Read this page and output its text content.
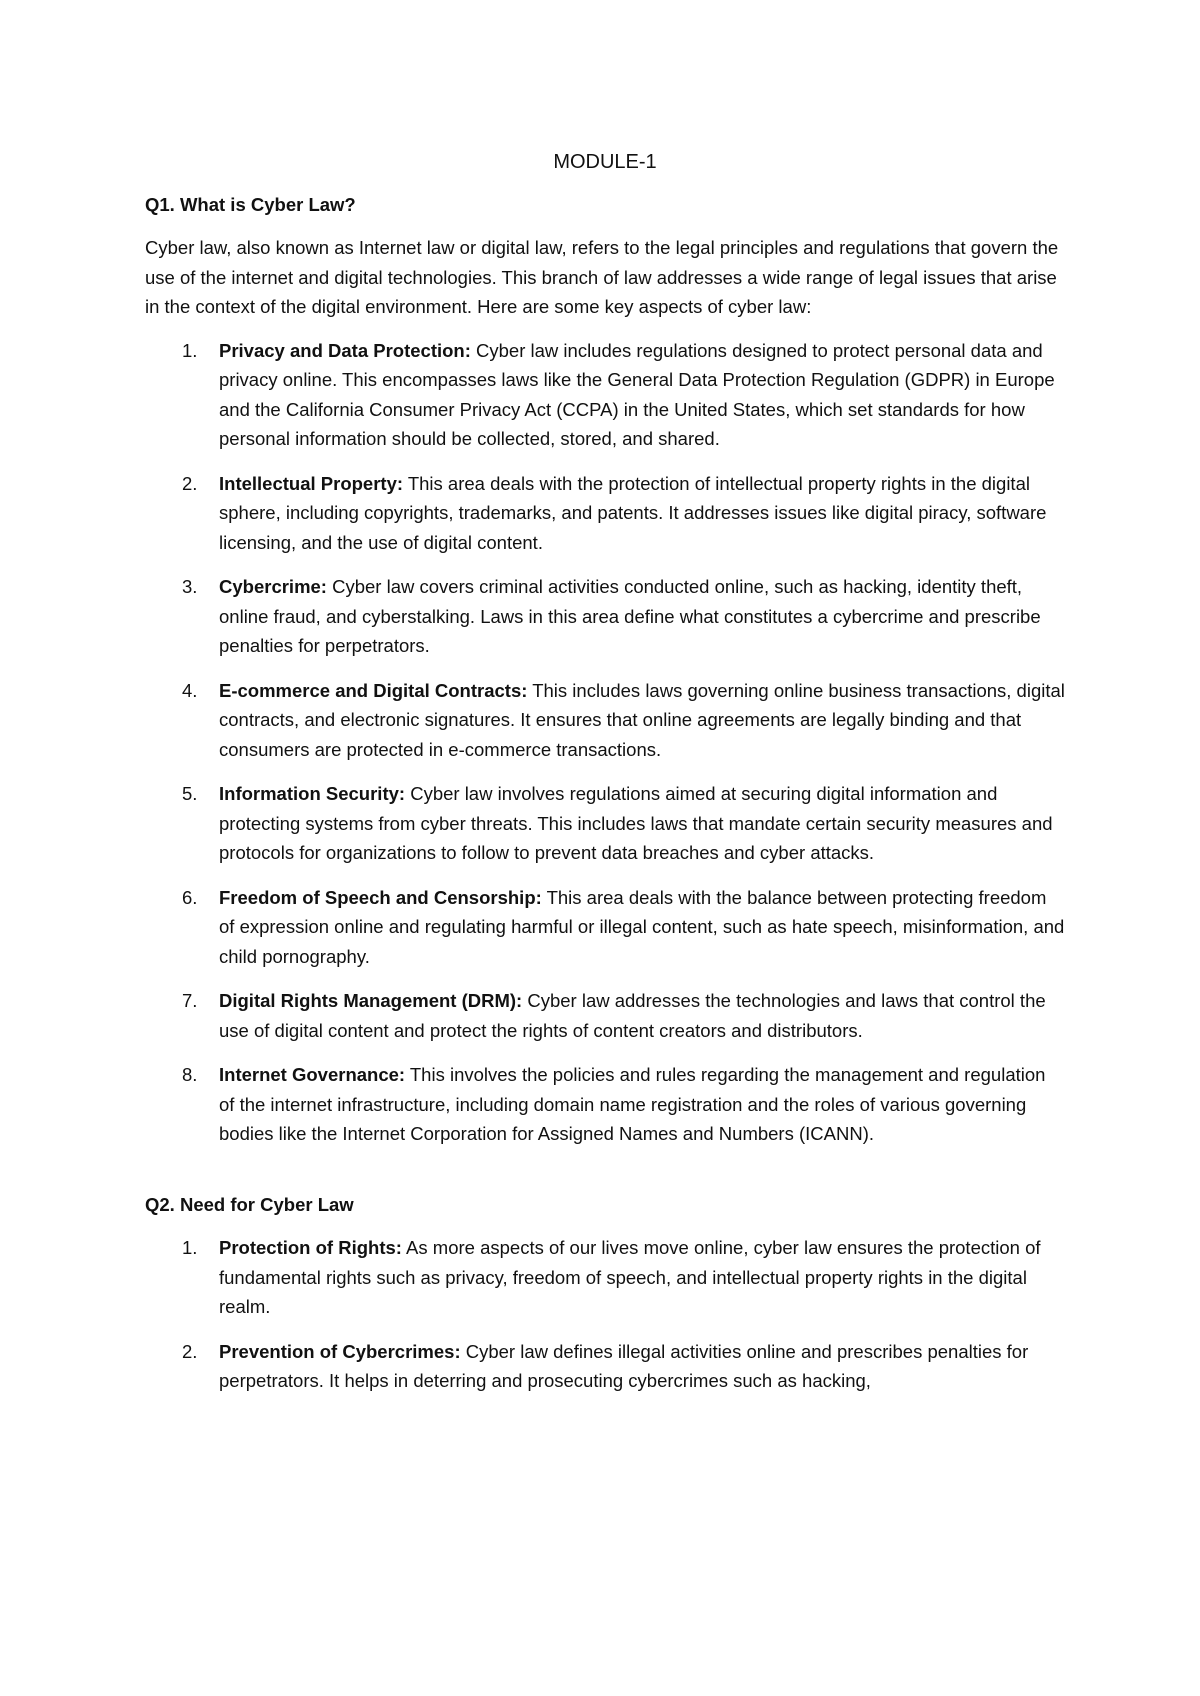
MODULE-1
Q1. What is Cyber Law?
Cyber law, also known as Internet law or digital law, refers to the legal principles and regulations that govern the use of the internet and digital technologies. This branch of law addresses a wide range of legal issues that arise in the context of the digital environment. Here are some key aspects of cyber law:
1. Privacy and Data Protection: Cyber law includes regulations designed to protect personal data and privacy online. This encompasses laws like the General Data Protection Regulation (GDPR) in Europe and the California Consumer Privacy Act (CCPA) in the United States, which set standards for how personal information should be collected, stored, and shared.
2. Intellectual Property: This area deals with the protection of intellectual property rights in the digital sphere, including copyrights, trademarks, and patents. It addresses issues like digital piracy, software licensing, and the use of digital content.
3. Cybercrime: Cyber law covers criminal activities conducted online, such as hacking, identity theft, online fraud, and cyberstalking. Laws in this area define what constitutes a cybercrime and prescribe penalties for perpetrators.
4. E-commerce and Digital Contracts: This includes laws governing online business transactions, digital contracts, and electronic signatures. It ensures that online agreements are legally binding and that consumers are protected in e-commerce transactions.
5. Information Security: Cyber law involves regulations aimed at securing digital information and protecting systems from cyber threats. This includes laws that mandate certain security measures and protocols for organizations to follow to prevent data breaches and cyber attacks.
6. Freedom of Speech and Censorship: This area deals with the balance between protecting freedom of expression online and regulating harmful or illegal content, such as hate speech, misinformation, and child pornography.
7. Digital Rights Management (DRM): Cyber law addresses the technologies and laws that control the use of digital content and protect the rights of content creators and distributors.
8. Internet Governance: This involves the policies and rules regarding the management and regulation of the internet infrastructure, including domain name registration and the roles of various governing bodies like the Internet Corporation for Assigned Names and Numbers (ICANN).
Q2. Need for Cyber Law
1. Protection of Rights: As more aspects of our lives move online, cyber law ensures the protection of fundamental rights such as privacy, freedom of speech, and intellectual property rights in the digital realm.
2. Prevention of Cybercrimes: Cyber law defines illegal activities online and prescribes penalties for perpetrators. It helps in deterring and prosecuting cybercrimes such as hacking,
